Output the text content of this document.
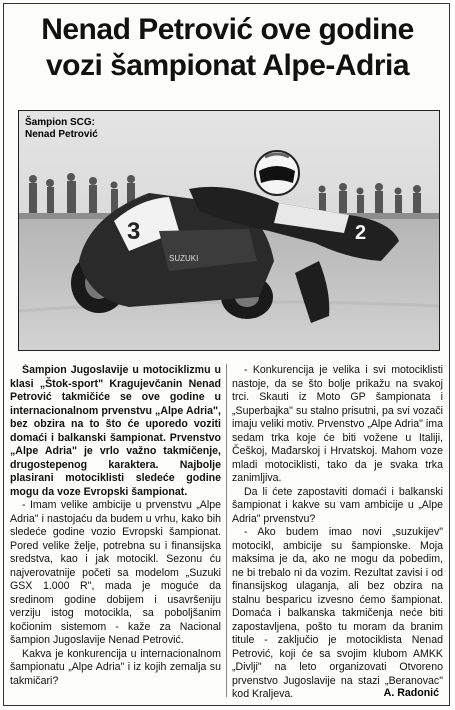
Nenad Petrović ove godine
vozi šampionat Alpe-Adria
3
SUZUKI
2
Šampion SCG:
Nenad Petrović

Šampion Jugoslavije u motociklizmu u klasi „Štok-sport" Kragujevčanin Nenad Petrović takmičiće se ove godine u internacionalnom prvenstvu „Alpe Adria", bez obzira na to što će uporedo voziti domaći i balkanski šampionat. Prvenstvo „Alpe Adria" je vrlo važno takmičenje, drugostepenog karaktera. Najbolje plasirani motociklisti sledeće godine mogu da voze Evropski šampionat.

- Imam velike ambicije u prvenstvu „Alpe Adria" i nastojaću da budem u vrhu, kako bih sledeće godine vozio Evropski šampionat. Pored velike želje, potrebna su i finansijska sredstva, kao i jak motocikl. Sezonu ću najverovatnije početi sa modelom „Suzuki GSX 1.000 R", mada je moguće da sredinom godine dobijem i usavršeniju verziju istog motocikla, sa poboljšanim kočionim sistemom - kaže za Nacional šampion Jugoslavije Nenad Petrović.

Kakva je konkurencija u internacionalnom šampionatu „Alpe Adria" i iz kojih zemalja su takmičari?

- Konkurencija je velika i svi motociklisti nastoje, da se što bolje prikažu na svakoj trci. Skauti iz Moto GP šampionata i „Superbajka" su stalno prisutni, pa svi vozači imaju veliki motiv. Prvenstvo „Alpe Adria" ima sedam trka koje će biti vožene u Italiji, Češkoj, Mađarskoj i Hrvatskoj. Mahom voze mladi motociklisti, tako da je svaka trka zanimljiva.

Da li ćete zapostaviti domaći i balkanski šampionat i kakve su vam ambicije u „Alpe Adria" prvenstvu?

- Ako budem imao novi „suzukijev" motocikl, ambicije su šampionske. Moja maksima je da, ako ne mogu da pobedim, ne bi trebalo ni da vozim. Rezultat zavisi i od finansijskog ulaganja, ali bez obzira na stalnu besparicu izvesno ćemo šampionat. Domaća i balkanska takmičenja neće biti zapostavljena, pošto tu moram da branim titule - zaključio je motociklista Nenad Petrović, koji će sa svojim klubom AMKK „Divlji" na leto organizovati Otvoreno prvenstvo Jugoslavije na stazi „Beranovac" kod Kraljeva.	A. Radonić
